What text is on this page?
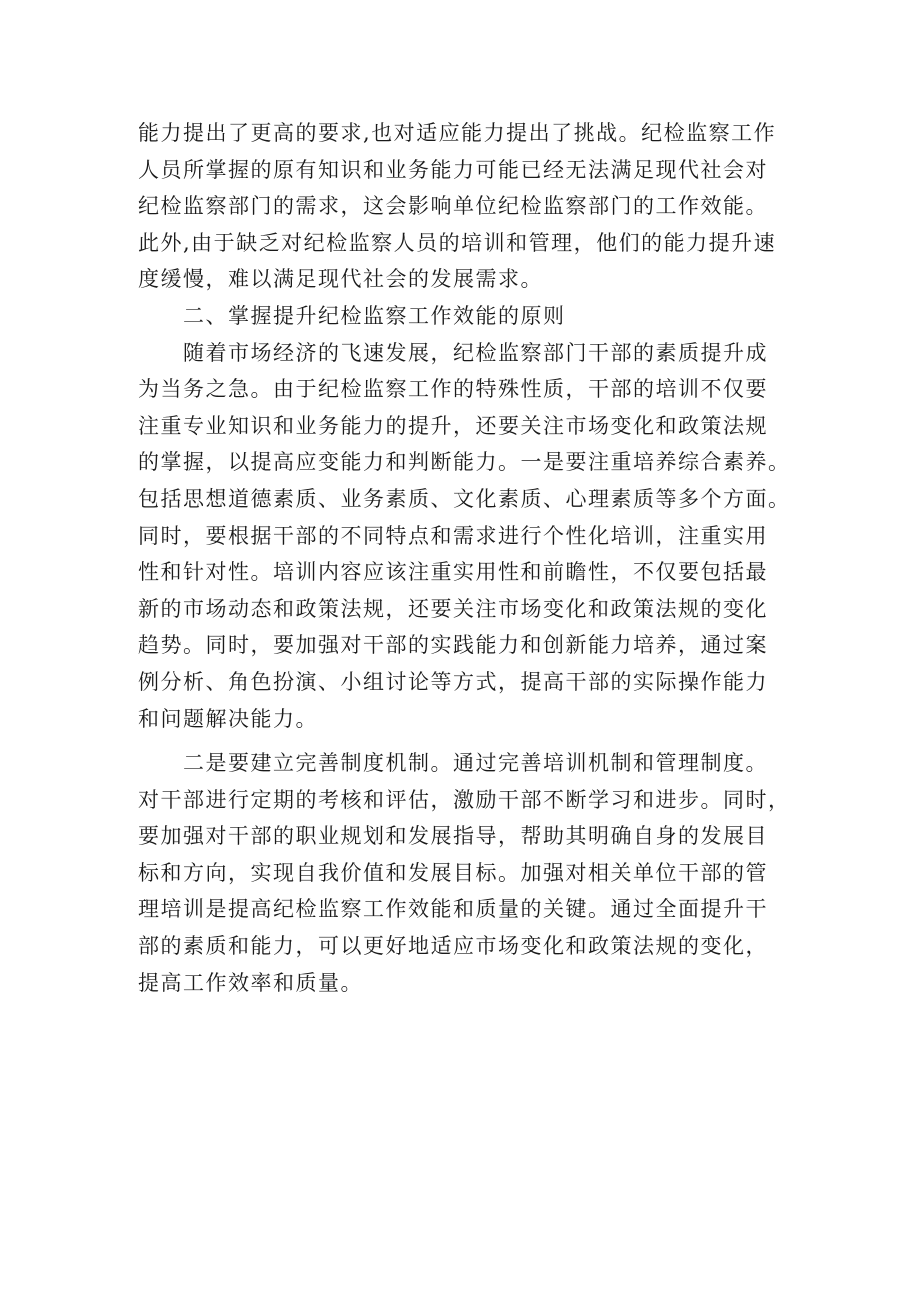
能力提出了更高的要求,也对适应能力提出了挑战。纪检监察工作
人员所掌握的原有知识和业务能力可能已经无法满足现代社会对
纪检监察部门的需求，这会影响单位纪检监察部门的工作效能。
此外,由于缺乏对纪检监察人员的培训和管理，他们的能力提升速
度缓慢，难以满足现代社会的发展需求。
二、掌握提升纪检监察工作效能的原则
随着市场经济的飞速发展，纪检监察部门干部的素质提升成
为当务之急。由于纪检监察工作的特殊性质，干部的培训不仅要
注重专业知识和业务能力的提升，还要关注市场变化和政策法规
的掌握，以提高应变能力和判断能力。一是要注重培养综合素养。
包括思想道德素质、业务素质、文化素质、心理素质等多个方面。
同时，要根据干部的不同特点和需求进行个性化培训，注重实用
性和针对性。培训内容应该注重实用性和前瞻性，不仅要包括最
新的市场动态和政策法规，还要关注市场变化和政策法规的变化
趋势。同时，要加强对干部的实践能力和创新能力培养，通过案
例分析、角色扮演、小组讨论等方式，提高干部的实际操作能力
和问题解决能力。
二是要建立完善制度机制。通过完善培训机制和管理制度。
对干部进行定期的考核和评估，激励干部不断学习和进步。同时，
要加强对干部的职业规划和发展指导，帮助其明确自身的发展目
标和方向，实现自我价值和发展目标。加强对相关单位干部的管
理培训是提高纪检监察工作效能和质量的关键。通过全面提升干
部的素质和能力，可以更好地适应市场变化和政策法规的变化，
提高工作效率和质量。
